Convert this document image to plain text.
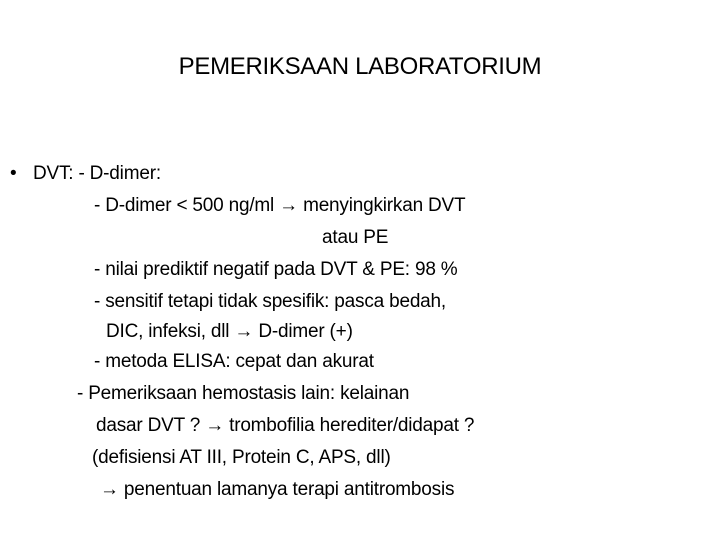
PEMERIKSAAN LABORATORIUM
• DVT: - D-dimer:
- D-dimer < 500 ng/ml → menyingkirkan DVT
atau PE
- nilai prediktif negatif pada DVT & PE: 98 %
- sensitif tetapi tidak spesifik: pasca bedah,
DIC, infeksi, dll → D-dimer (+)
- metoda ELISA: cepat dan akurat
- Pemeriksaan hemostasis lain: kelainan
dasar DVT ? → trombofilia herediter/didapat ?
(defisiensi AT III, Protein C, APS, dll)
→ penentuan lamanya terapi antitrombosis
